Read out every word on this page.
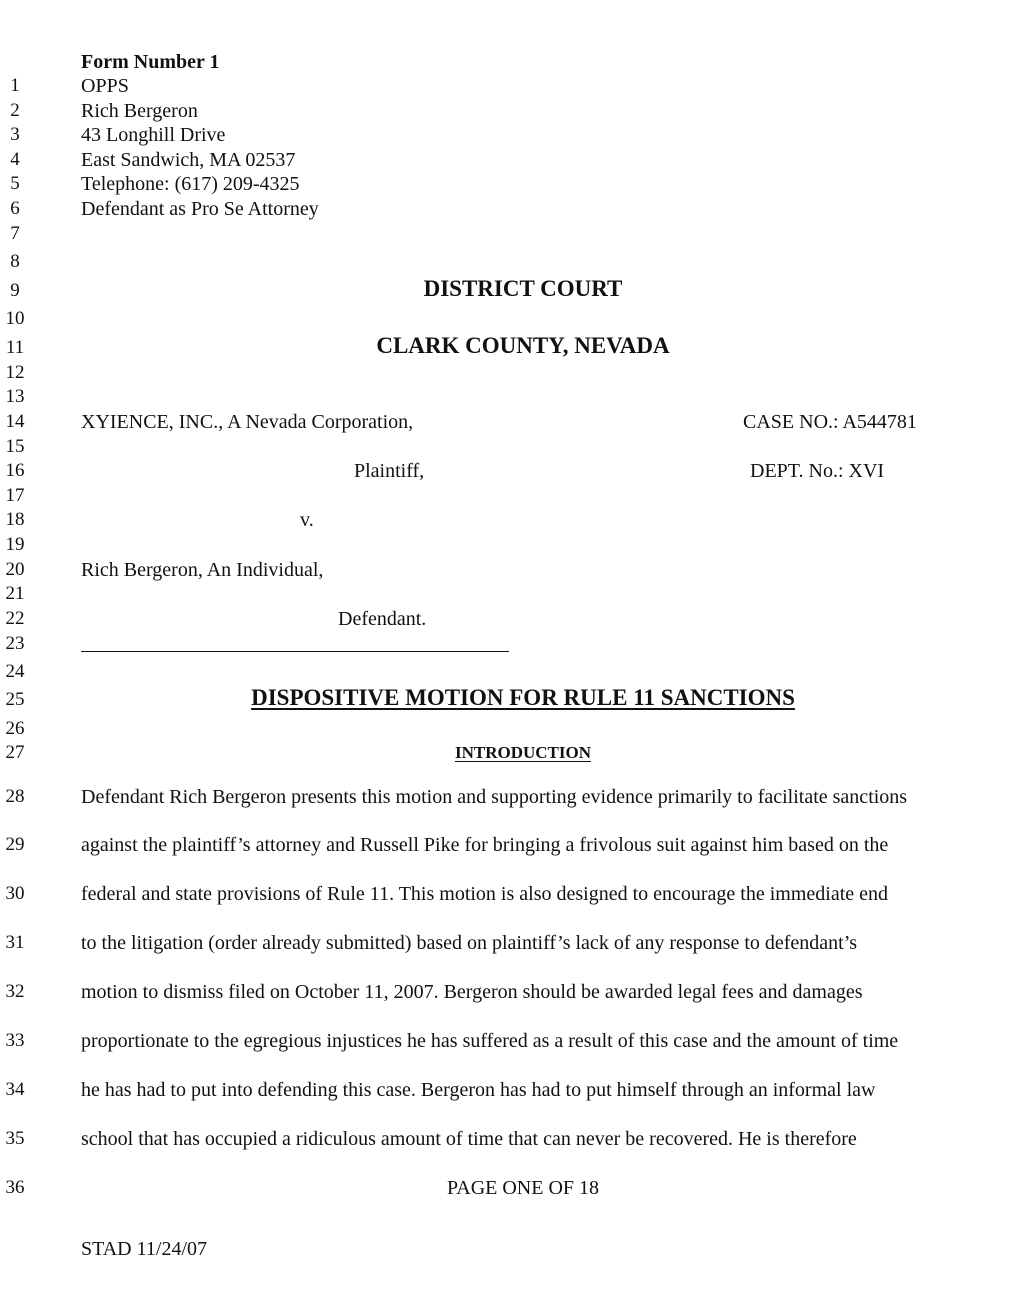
1
2
3
4
5
6
7
8
9
10
11
12
13
14
15
16
17
18
19
20
21
22
23
24
25
26
27
28
29
30
31
32
33
34
35
36
Form Number 1
OPPS
Rich Bergeron
43 Longhill Drive
East Sandwich, MA 02537
Telephone: (617) 209-4325
Defendant as Pro Se Attorney
DISTRICT COURT
CLARK COUNTY, NEVADA
XYIENCE, INC., A Nevada Corporation,	CASE NO.: A544781
Plaintiff,	DEPT. No.: XVI
v.
Rich Bergeron, An Individual,
Defendant.
DISPOSITIVE MOTION FOR RULE 11 SANCTIONS
INTRODUCTION
Defendant Rich Bergeron presents this motion and supporting evidence primarily to facilitate sanctions
against the plaintiff’s attorney and Russell Pike for bringing a frivolous suit against him based on the
federal and state provisions of Rule 11. This motion is also designed to encourage the immediate end
to the litigation (order already submitted) based on plaintiff’s lack of any response to defendant’s
motion to dismiss filed on October 11, 2007. Bergeron should be awarded legal fees and damages
proportionate to the egregious injustices he has suffered as a result of this case and the amount of time
he has had to put into defending this case. Bergeron has had to put himself through an informal law
school that has occupied a ridiculous amount of time that can never be recovered. He is therefore
PAGE ONE OF 18
STAD 11/24/07
